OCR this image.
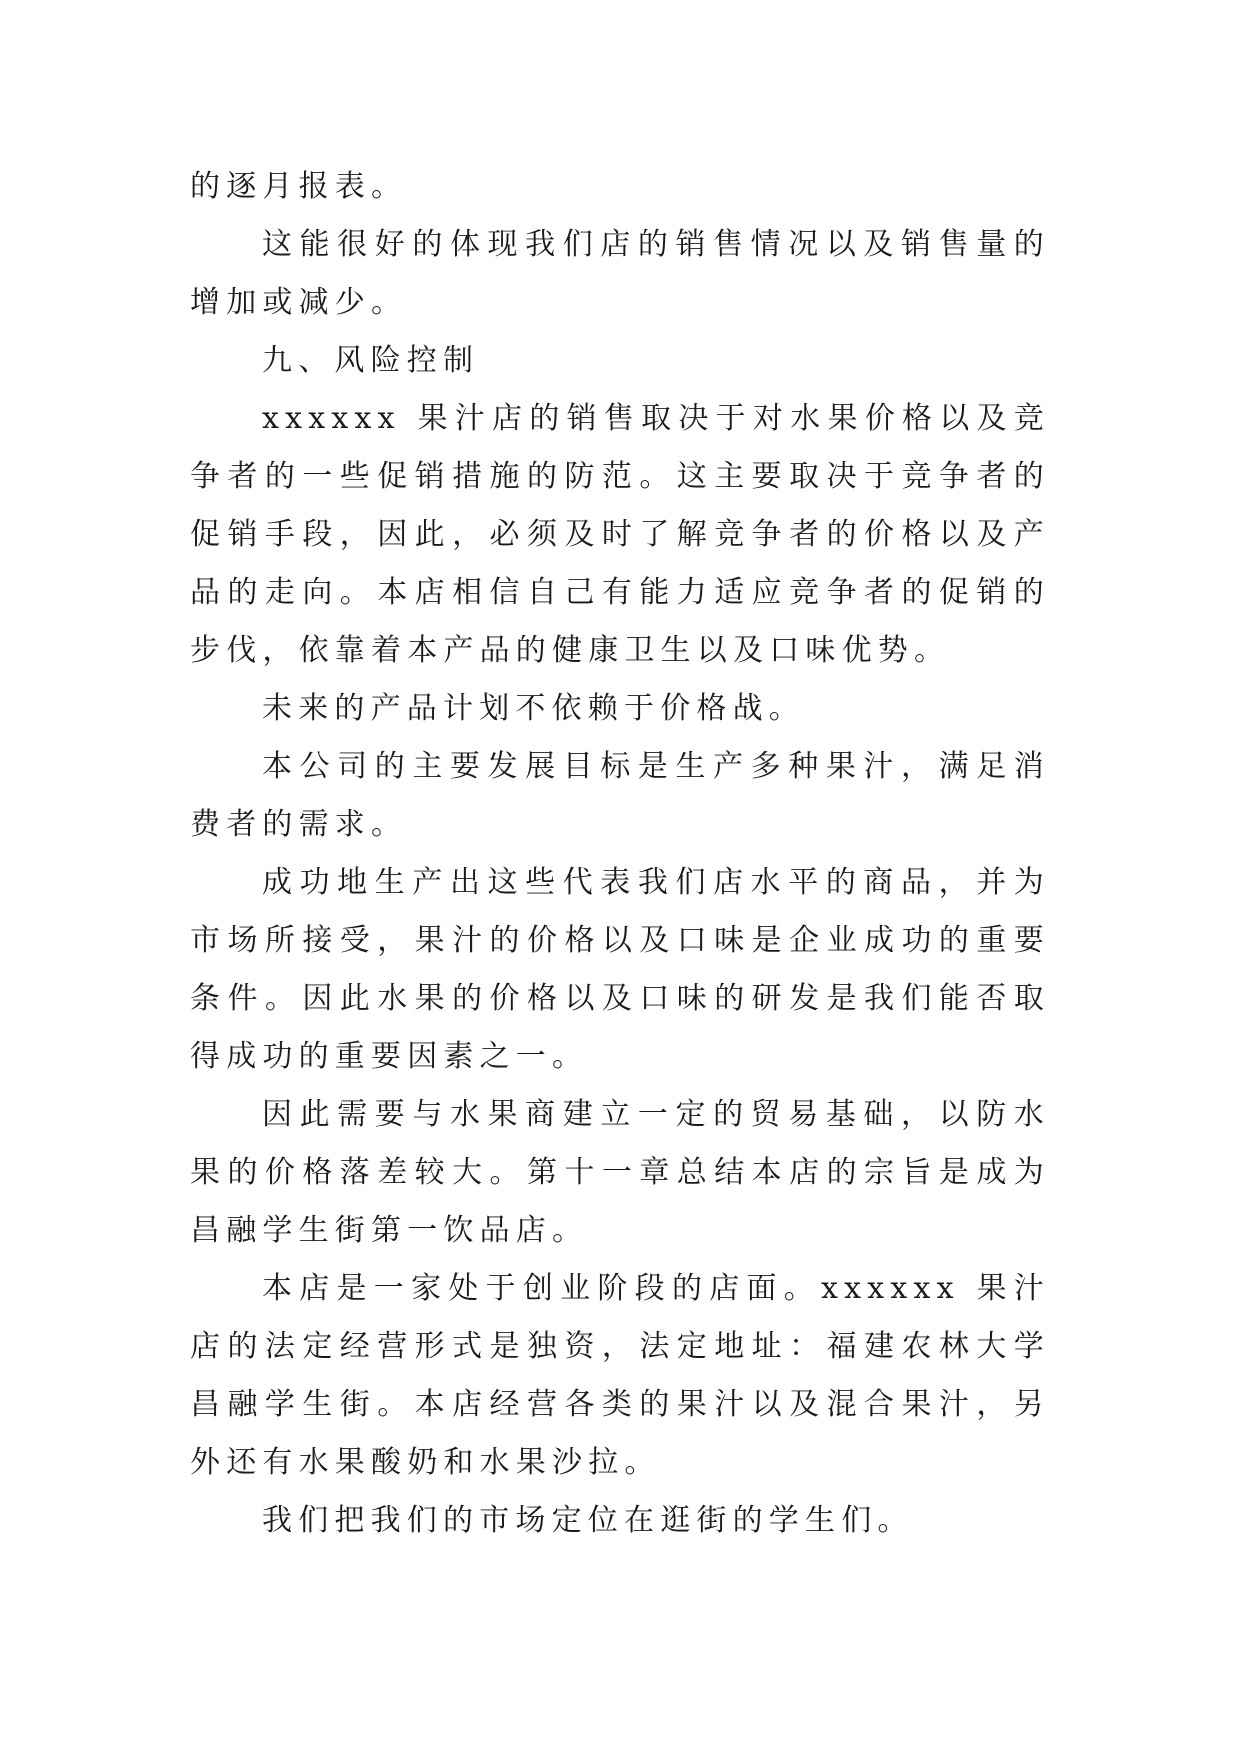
的逐月报表。

这能很好的体现我们店的销售情况以及销售量的增加或减少。

九、风险控制

xxxxxx 果汁店的销售取决于对水果价格以及竞争者的一些促销措施的防范。这主要取决于竞争者的促销手段，因此，必须及时了解竞争者的价格以及产品的走向。本店相信自己有能力适应竞争者的促销的步伐，依靠着本产品的健康卫生以及口味优势。

未来的产品计划不依赖于价格战。

本公司的主要发展目标是生产多种果汁，满足消费者的需求。

成功地生产出这些代表我们店水平的商品，并为市场所接受，果汁的价格以及口味是企业成功的重要条件。因此水果的价格以及口味的研发是我们能否取得成功的重要因素之一。

因此需要与水果商建立一定的贸易基础，以防水果的价格落差较大。第十一章总结本店的宗旨是成为昌融学生街第一饮品店。

本店是一家处于创业阶段的店面。xxxxxx 果汁店的法定经营形式是独资，法定地址：福建农林大学昌融学生街。本店经营各类的果汁以及混合果汁，另外还有水果酸奶和水果沙拉。

我们把我们的市场定位在逛街的学生们。
